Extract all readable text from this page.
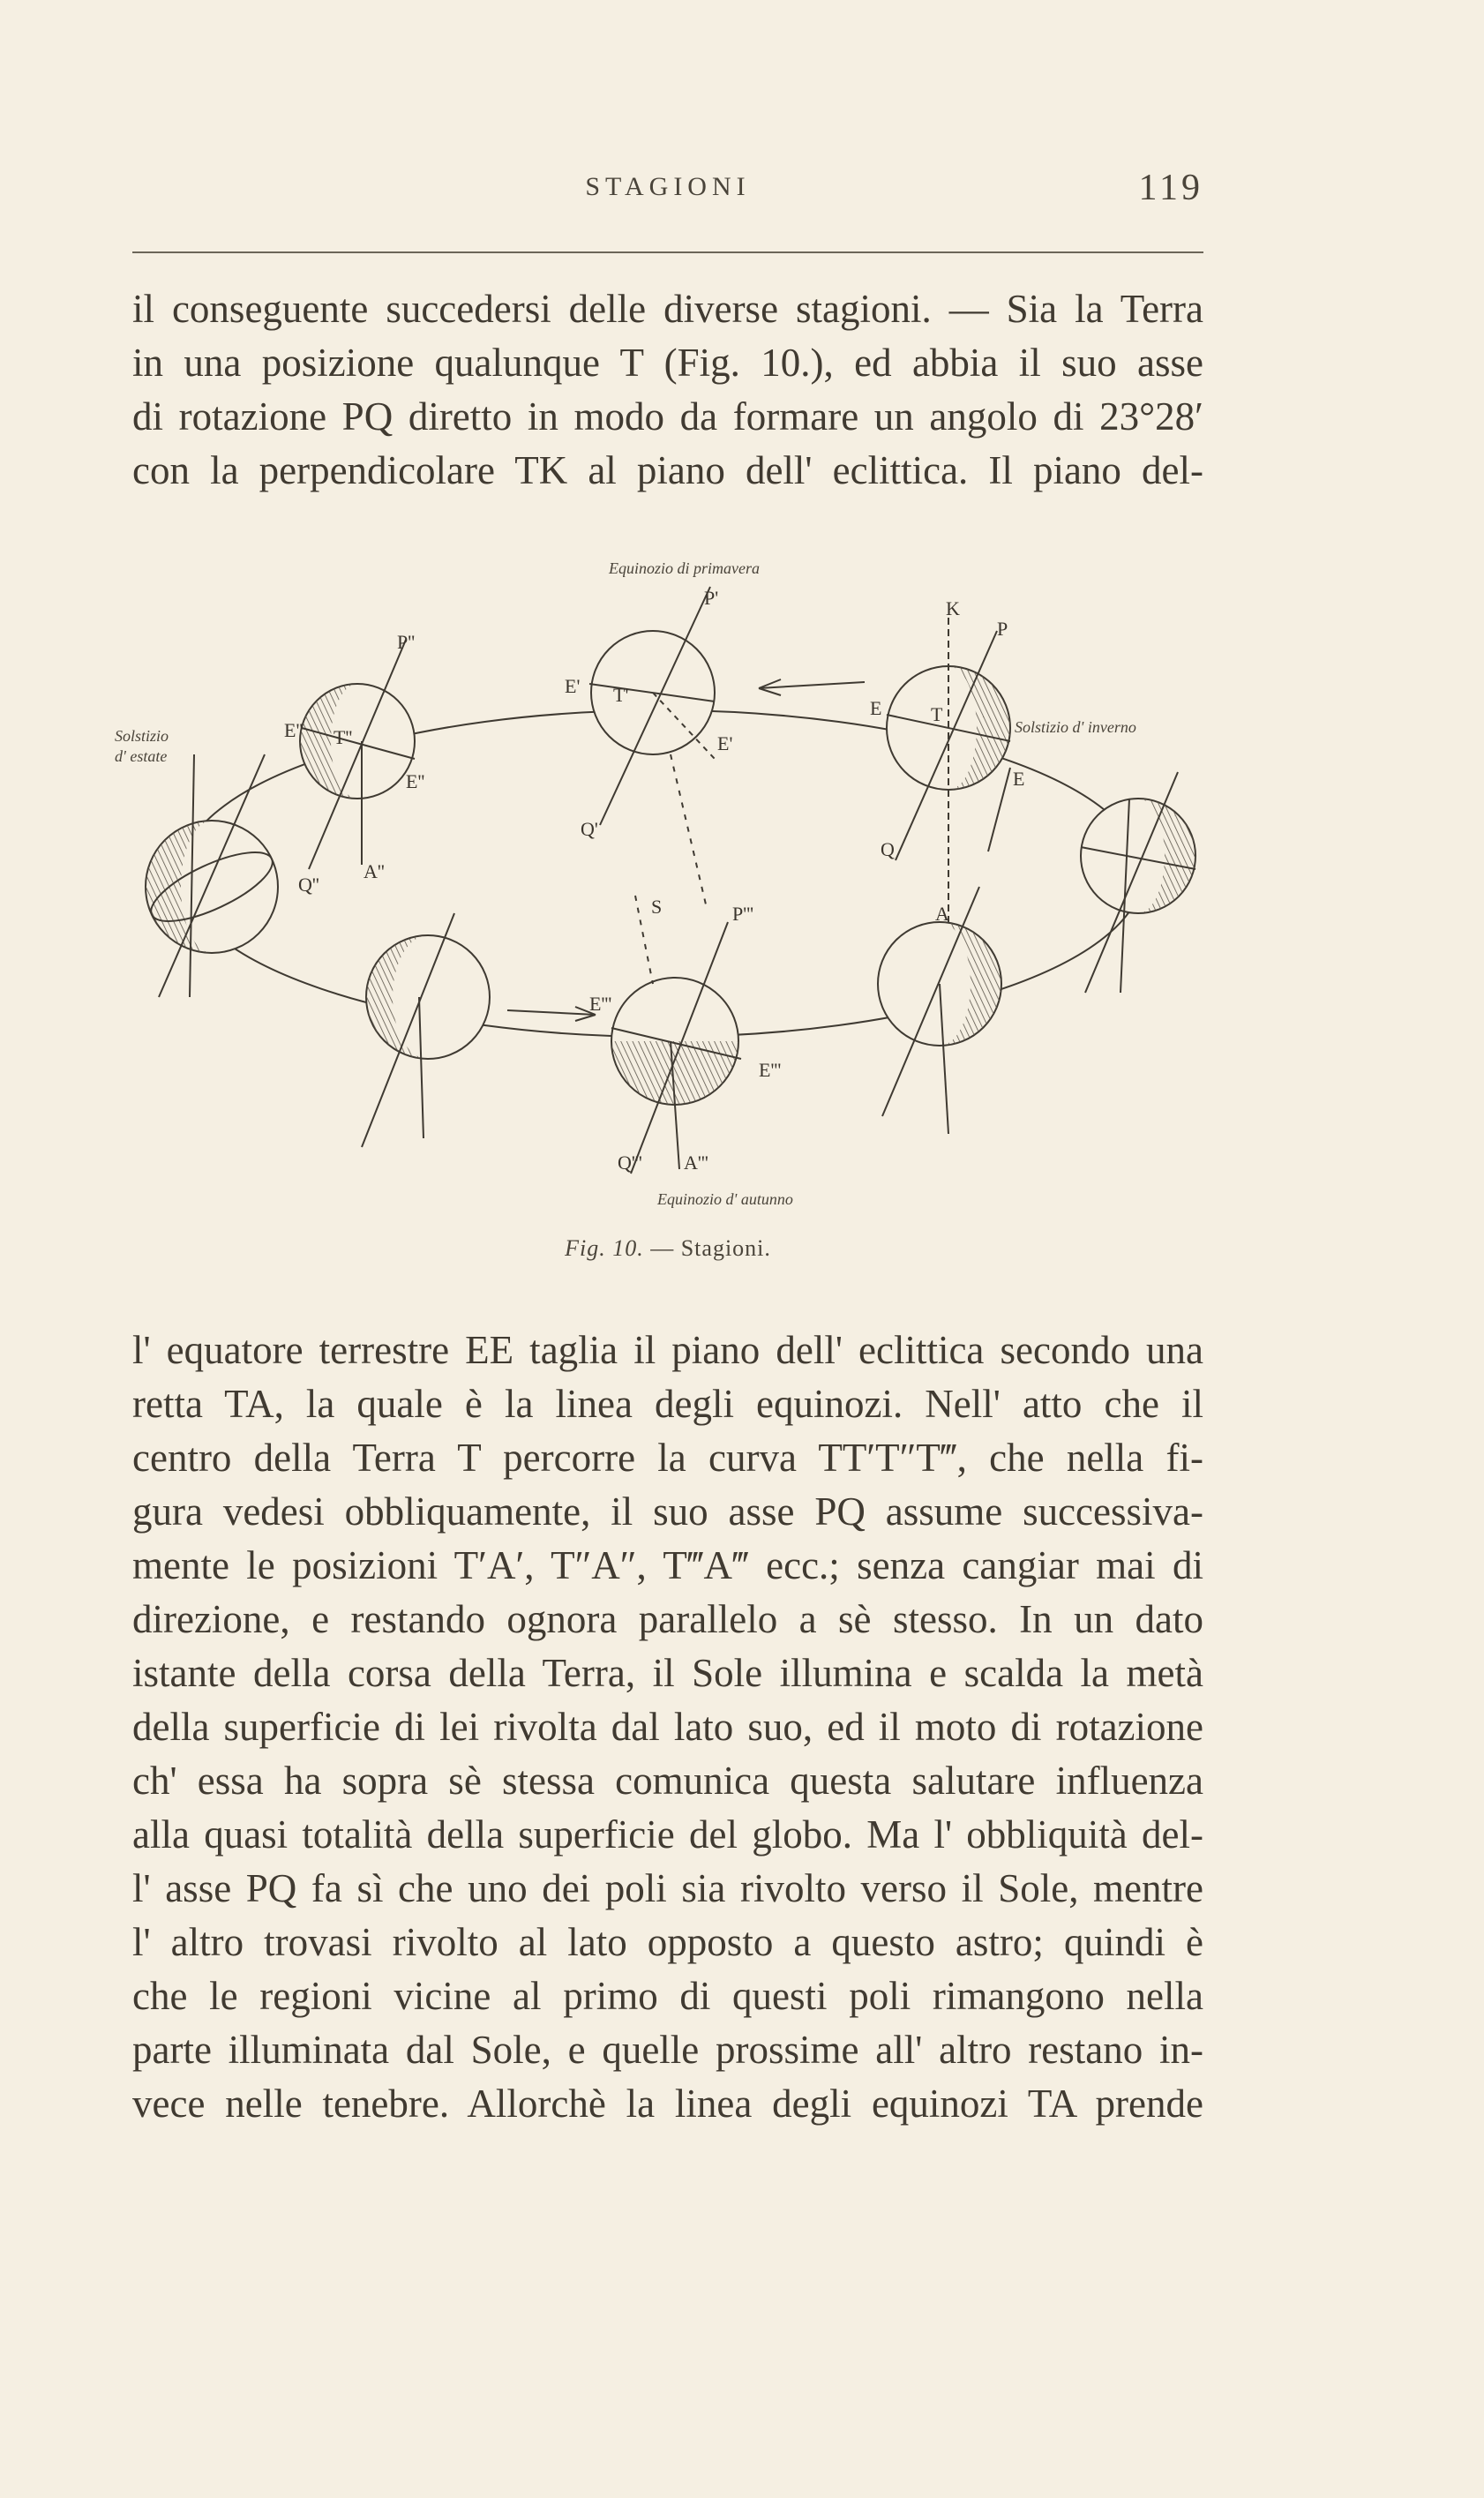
STAGIONI	119
il conseguente succedersi delle diverse stagioni. — Sia la Terra
in una posizione qualunque T (Fig. 10.), ed abbia il suo asse
di rotazione PQ diretto in modo da formare un angolo di 23°28′
con la perpendicolare TK al piano dell' eclittica. Il piano del-
Equinozio di primavera
Solstizio
d' estate
Solstizio d' inverno
Equinozio d' autunno
P''
E'' T''
E''
Q''
A''
P'
E' T'
E'
Q'
S
K
P
E	T
E
Q
A
P'''
E'''
E'''
Q''' A'''
Fig. 10. — Stagioni.
l' equatore terrestre EE taglia il piano dell' eclittica secondo una
retta TA, la quale è la linea degli equinozi. Nell' atto che il
centro della Terra T percorre la curva TT′T″T‴, che nella fi-
gura vedesi obbliquamente, il suo asse PQ assume successiva-
mente le posizioni T′A′, T″A″, T‴A‴ ecc.; senza cangiar mai di
direzione, e restando ognora parallelo a sè stesso. In un dato
istante della corsa della Terra, il Sole illumina e scalda la metà
della superficie di lei rivolta dal lato suo, ed il moto di rotazione
ch' essa ha sopra sè stessa comunica questa salutare influenza
alla quasi totalità della superficie del globo. Ma l' obbliquità del-
l' asse PQ fa sì che uno dei poli sia rivolto verso il Sole, mentre
l' altro trovasi rivolto al lato opposto a questo astro; quindi è
che le regioni vicine al primo di questi poli rimangono nella
parte illuminata dal Sole, e quelle prossime all' altro restano in-
vece nelle tenebre. Allorchè la linea degli equinozi TA prende
